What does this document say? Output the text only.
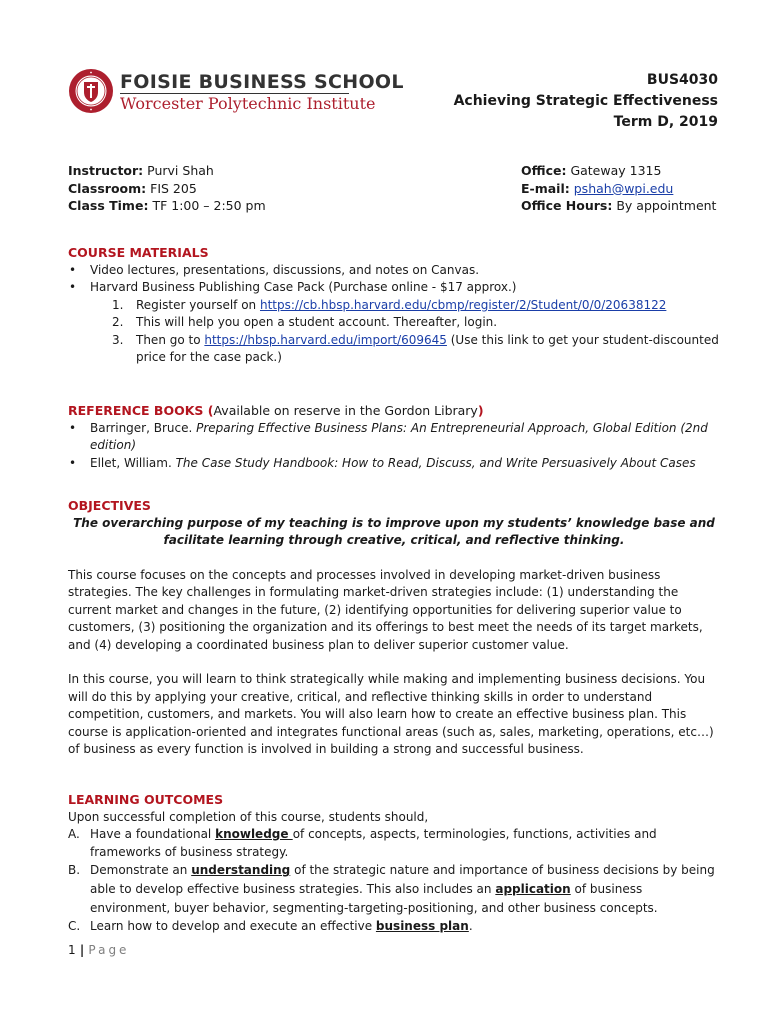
FOISIE BUSINESS SCHOOL
Worcester Polytechnic Institute
BUS4030
Achieving Strategic Effectiveness
Term D, 2019
Instructor: Purvi Shah
Classroom: FIS 205
Class Time: TF 1:00 – 2:50 pm
Office: Gateway 1315
E-mail: pshah@wpi.edu
Office Hours: By appointment
COURSE MATERIALS
• Video lectures, presentations, discussions, and notes on Canvas.
• Harvard Business Publishing Case Pack (Purchase online - $17 approx.)
1. Register yourself on https://cb.hbsp.harvard.edu/cbmp/register/2/Student/0/0/20638122
2. This will help you open a student account. Thereafter, login.
3. Then go to https://hbsp.harvard.edu/import/609645 (Use this link to get your student-discounted price for the case pack.)
REFERENCE BOOKS (Available on reserve in the Gordon Library)
• Barringer, Bruce. Preparing Effective Business Plans: An Entrepreneurial Approach, Global Edition (2nd edition)
• Ellet, William. The Case Study Handbook: How to Read, Discuss, and Write Persuasively About Cases
OBJECTIVES
The overarching purpose of my teaching is to improve upon my students’ knowledge base and facilitate learning through creative, critical, and reflective thinking.

This course focuses on the concepts and processes involved in developing market-driven business strategies. The key challenges in formulating market-driven strategies include: (1) understanding the current market and changes in the future, (2) identifying opportunities for delivering superior value to customers, (3) positioning the organization and its offerings to best meet the needs of its target markets, and (4) developing a coordinated business plan to deliver superior customer value.

In this course, you will learn to think strategically while making and implementing business decisions. You will do this by applying your creative, critical, and reflective thinking skills in order to understand competition, customers, and markets. You will also learn how to create an effective business plan. This course is application-oriented and integrates functional areas (such as, sales, marketing, operations, etc…) of business as every function is involved in building a strong and successful business.

LEARNING OUTCOMES
Upon successful completion of this course, students should,
A. Have a foundational knowledge of concepts, aspects, terminologies, functions, activities and frameworks of business strategy.
B. Demonstrate an understanding of the strategic nature and importance of business decisions by being able to develop effective business strategies. This also includes an application of business environment, buyer behavior, segmenting-targeting-positioning, and other business concepts.
C. Learn how to develop and execute an effective business plan.
1 | Page
